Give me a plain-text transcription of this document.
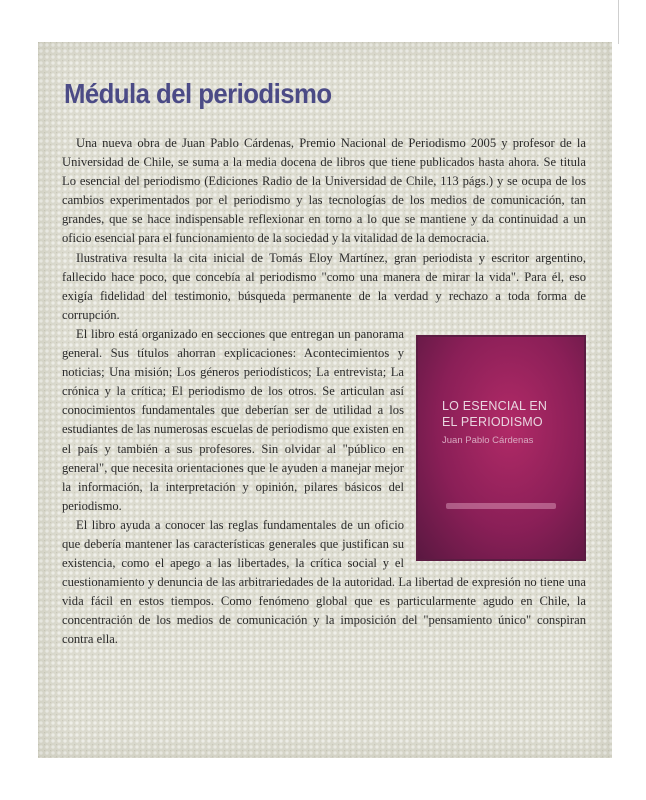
Médula del periodismo

Una nueva obra de Juan Pablo Cárdenas, Premio Nacional de Periodismo 2005 y profesor de la Universidad de Chile, se suma a la media docena de libros que tiene publicados hasta ahora. Se titula Lo esencial del periodismo (Ediciones Radio de la Universidad de Chile, 113 págs.) y se ocupa de los cambios experimentados por el periodismo y las tecnologías de los medios de comunicación, tan grandes, que se hace indispensable reflexionar en torno a lo que se mantiene y da continuidad a un oficio esencial para el funcionamiento de la sociedad y la vitalidad de la democracia.

Ilustrativa resulta la cita inicial de Tomás Eloy Martínez, gran periodista y escritor argentino, fallecido hace poco, que concebía al periodismo "como una manera de mirar la vida". Para él, eso exigía fidelidad del testimonio, búsqueda permanente de la verdad y rechazo a toda forma de corrupción.

LO ESENCIAL EN
EL PERIODISMO
Juan Pablo Cárdenas

El libro está organizado en secciones que entregan un panorama general. Sus títulos ahorran explicaciones: Acontecimientos y noticias; Una misión; Los géneros periodísticos; La entrevista; La crónica y la crítica; El periodismo de los otros. Se articulan así conocimientos fundamentales que deberían ser de utilidad a los estudiantes de las numerosas escuelas de periodismo que existen en el país y también a sus profesores. Sin olvidar al "público en general", que necesita orientaciones que le ayuden a manejar mejor la información, la interpretación y opinión, pilares básicos del periodismo.

El libro ayuda a conocer las reglas fundamentales de un oficio que debería mantener las características generales que justifican su existencia, como el apego a las libertades, la crítica social y el cuestionamiento y denuncia de las arbitrariedades de la autoridad. La libertad de expresión no tiene una vida fácil en estos tiempos. Como fenómeno global que es particularmente agudo en Chile, la concentración de los medios de comunicación y la imposición del "pensamiento único" conspiran contra ella.
